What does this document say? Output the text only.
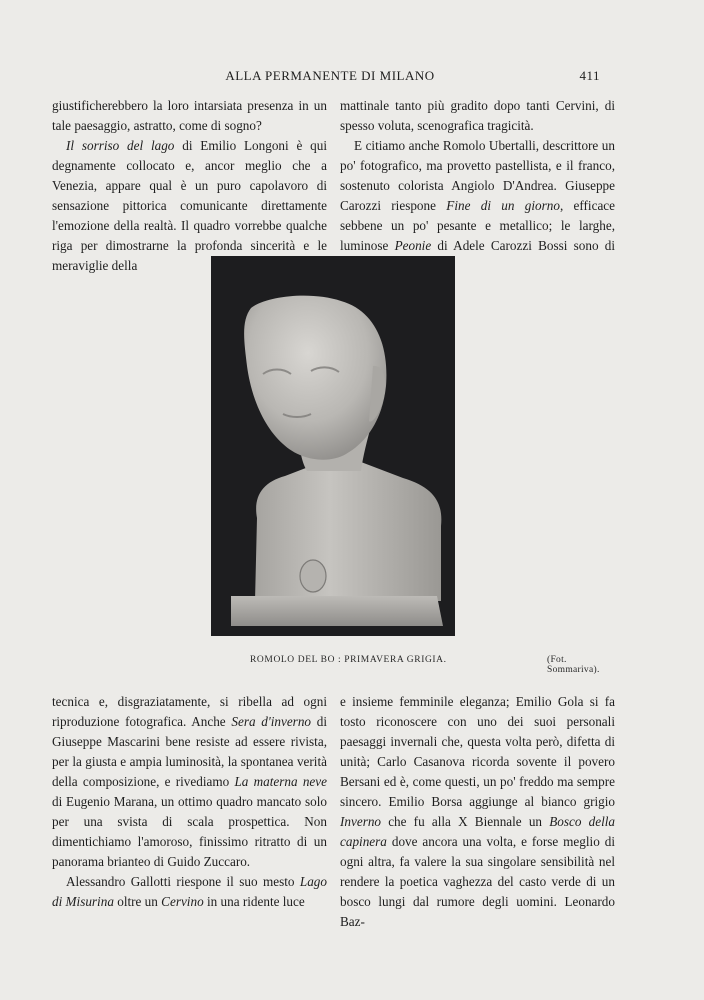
ALLA PERMANENTE DI MILANO	411

giustificherebbero la loro intarsiata presenza in un tale paesaggio, astratto, come di sogno?

Il sorriso del lago di Emilio Longoni è qui degnamente collocato e, ancor meglio che a Venezia, appare qual è un puro capolavoro di sensazione pittorica comunicante direttamente l'emozione della realtà. Il quadro vorrebbe qualche riga per dimostrarne la profonda sincerità e le meraviglie della

mattinale tanto più gradito dopo tanti Cervini, di spesso voluta, scenografica tragicità.

E citiamo anche Romolo Ubertalli, descrittore un po' fotografico, ma provetto pastellista, e il franco, sostenuto colorista Angiolo D'Andrea. Giuseppe Carozzi riespone Fine di un giorno, efficace sebbene un po' pesante e metallico; le larghe, luminose Peonie di Adele Carozzi Bossi sono di

ROMOLO DEL BO : PRIMAVERA GRIGIA.	(Fot. Sommariva).

tecnica e, disgraziatamente, si ribella ad ogni riproduzione fotografica. Anche Sera d'inverno di Giuseppe Mascarini bene resiste ad essere rivista, per la giusta e ampia luminosità, la spontanea verità della composizione, e rivediamo La materna neve di Eugenio Marana, un ottimo quadro mancato solo per una svista di scala prospettica. Non dimentichiamo l'amoroso, finissimo ritratto di un panorama brianteo di Guido Zuccaro.

Alessandro Gallotti riespone il suo mesto Lago di Misurina oltre un Cervino in una ridente luce

e insieme femminile eleganza; Emilio Gola si fa tosto riconoscere con uno dei suoi personali paesaggi invernali che, questa volta però, difetta di unità; Carlo Casanova ricorda sovente il povero Bersani ed è, come questi, un po' freddo ma sempre sincero. Emilio Borsa aggiunge al bianco grigio Inverno che fu alla X Biennale un Bosco della capinera dove ancora una volta, e forse meglio di ogni altra, fa valere la sua singolare sensibilità nel rendere la poetica vaghezza del casto verde di un bosco lungi dal rumore degli uomini. Leonardo Baz-
